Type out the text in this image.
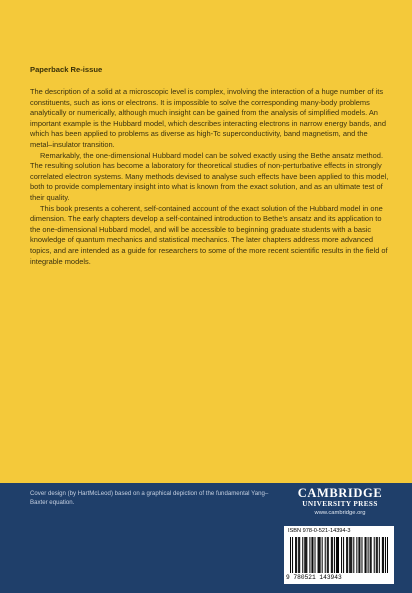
Paperback Re-issue

The description of a solid at a microscopic level is complex, involving the interaction of a huge number of its constituents, such as ions or electrons. It is impossible to solve the corresponding many-body problems analytically or numerically, although much insight can be gained from the analysis of simplified models. An important example is the Hubbard model, which describes interacting electrons in narrow energy bands, and which has been applied to problems as diverse as high-Tc superconductivity, band magnetism, and the metal–insulator transition.

Remarkably, the one-dimensional Hubbard model can be solved exactly using the Bethe ansatz method. The resulting solution has become a laboratory for theoretical studies of non-perturbative effects in strongly correlated electron systems. Many methods devised to analyse such effects have been applied to this model, both to provide complementary insight into what is known from the exact solution, and as an ultimate test of their quality.

This book presents a coherent, self-contained account of the exact solution of the Hubbard model in one dimension. The early chapters develop a self-contained introduction to Bethe's ansatz and its application to the one-dimensional Hubbard model, and will be accessible to beginning graduate students with a basic knowledge of quantum mechanics and statistical mechanics. The later chapters address more advanced topics, and are intended as a guide for researchers to some of the more recent scientific results in the field of integrable models.

Cover design (by HartMcLeod) based on a graphical depiction of the fundamental Yang–Baxter equation.
CAMBRIDGE
UNIVERSITY PRESS
www.cambridge.org
ISBN 978-0-521-14394-3
9 780521 143943
